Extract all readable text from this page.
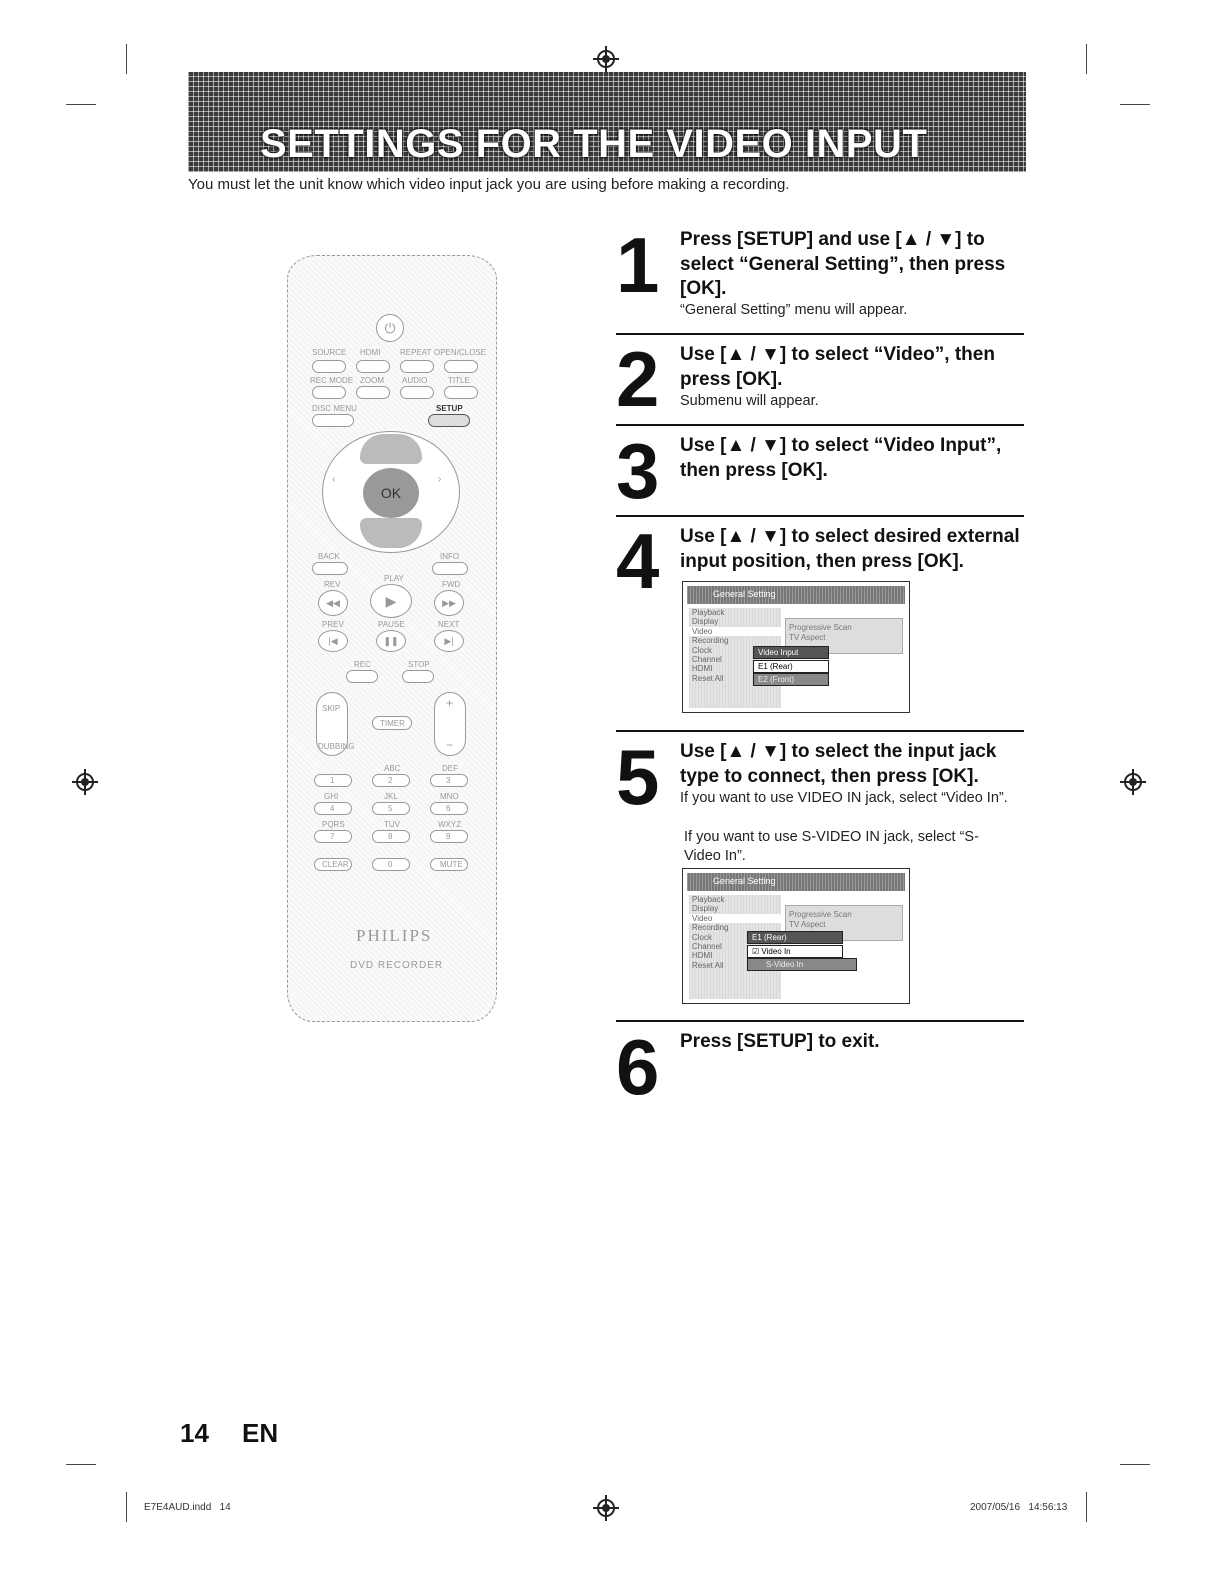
SETTINGS FOR THE VIDEO INPUT
You must let the unit know which video input jack you are using before making a recording.
⏻
SOURCE HDMI REPEAT OPEN/CLOSE
REC MODE ZOOM AUDIO	TITLE
DISC MENU	SETUP
‹	›
OK
BACK	INFO
REV
PLAY
FWD
◀◀	▶	▶▶
PREV	PAUSE	NEXT
|◀	❚❚	▶|
REC	STOP
SKIP
TIMER
+
−
DUBBING
ABC	DEF
1	2	3
GHI	JKL	MNO
4	5	6
PQRS	TUV	WXYZ
7	8	9
CLEAR	0	MUTE
PHILIPS
DVD RECORDER
1 Press [SETUP] and use [▲ / ▼] to select “General Setting”, then press [OK].
“General Setting” menu will appear.
2 Use [▲ / ▼] to select “Video”, then press [OK].
Submenu will appear.
3 Use [▲ / ▼] to select “Video Input”, then press [OK].
4 Use [▲ / ▼] to select desired external input position, then press [OK].
General Setting
Playback
Display
Video
Recording
Clock
Channel
HDMI
Reset All
Progressive Scan
TV Aspect
Video Input
E1 (Rear)
E2 (Front)
5 Use [▲ / ▼] to select the input jack type to connect, then press [OK].
If you want to use VIDEO IN jack, select “Video In”.
If you want to use S-VIDEO IN jack, select “S-Video In”.
General Setting
Playback
Display
Video
Recording
Clock
Channel
HDMI
Reset All
Progressive Scan
TV Aspect
E1 (Rear)
☑ Video In
S-Video In
6 Press [SETUP] to exit.
14 EN
E7E4AUD.indd   14	2007/05/16   14:56:13
